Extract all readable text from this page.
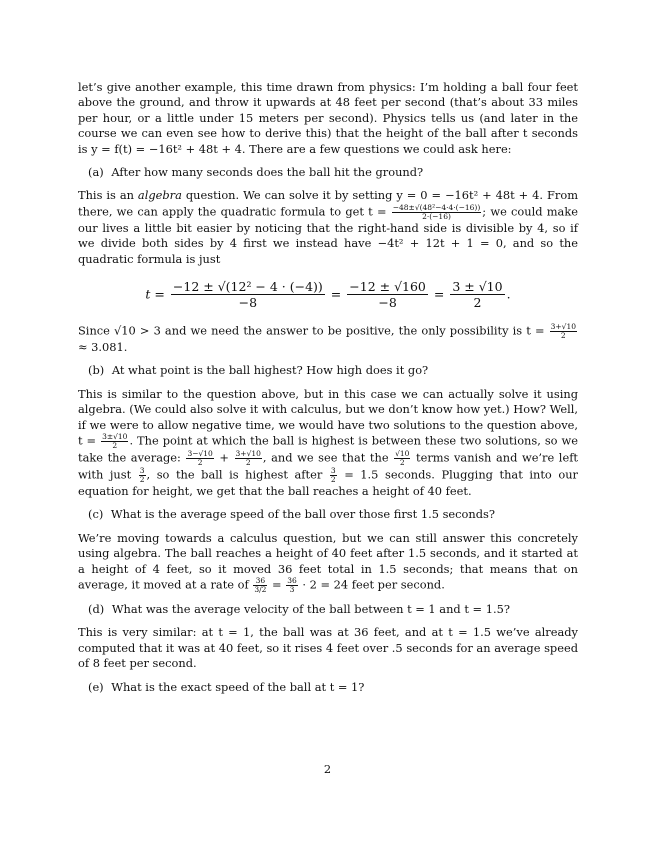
let’s give another example, this time drawn from physics: I’m holding a ball four feet above the ground, and throw it upwards at 48 feet per second (that’s about 33 miles per hour, or a little under 15 meters per second). Physics tells us (and later in the course we can even see how to derive this) that the height of the ball after t seconds is y = f(t) = −16t² + 48t + 4. There are a few questions we could ask here:

(a) After how many seconds does the ball hit the ground?

This is an algebra question. We can solve it by setting y = 0 = −16t² + 48t + 4. From there, we can apply the quadratic formula to get $t = \frac{\text{−48±√(48²−4·4·(−16))}}{2\cdot(-16)}$ ; we could make our lives a little bit easier by noticing that the right-hand side is divisible by 4, so if we divide both sides by 4 first we instead have −4t² + 12t + 1 = 0, and so the quadratic formula is just

$t = \frac{\text{−12 ± √(12² − 4 · (−4))}}{-8} = \frac{-12 \pm √160}{-8} = \frac{3 \pm √10}{2}$ .

Since √10 > 3 and we need the answer to be positive, the only possibility is $t = \frac{3+√10}{2}$
≈ 3.081.

(b) At what point is the ball highest? How high does it go?

This is similar to the question above, but in this case we can actually solve it using algebra. (We could also solve it with calculus, but we don’t know how yet.) How? Well, if we were to allow negative time, we would have two solutions to the question above, $t = \frac{3\pm√10}{2}$ . The point at which the ball is highest is between these two solutions, so we take the average: $\frac{3-√10}{2} + \frac{3+√10}{2}$ , and we see that the $\frac{√10}{2}$ terms vanish and we’re left with just $\frac{3}{2}$ , so the ball is highest after $\frac{3}{2} = 1.5$ seconds. Plugging that into our equation for height, we get that the ball reaches a height of 40 feet.

(c) What is the average speed of the ball over those first 1.5 seconds?

We’re moving towards a calculus question, but we can still answer this concretely using algebra. The ball reaches a height of 40 feet after 1.5 seconds, and it started at a height of 4 feet, so it moved 36 feet total in 1.5 seconds; that means that on average, it moved at a rate of $\frac{36}{3/2} = \frac{36}{3} \cdot 2 = 24$ feet per second.

(d) What was the average velocity of the ball between t = 1 and t = 1.5?

This is very similar: at t = 1, the ball was at 36 feet, and at t = 1.5 we’ve already computed that it was at 40 feet, so it rises 4 feet over .5 seconds for an average speed of 8 feet per second.

(e) What is the exact speed of the ball at t = 1?
2
